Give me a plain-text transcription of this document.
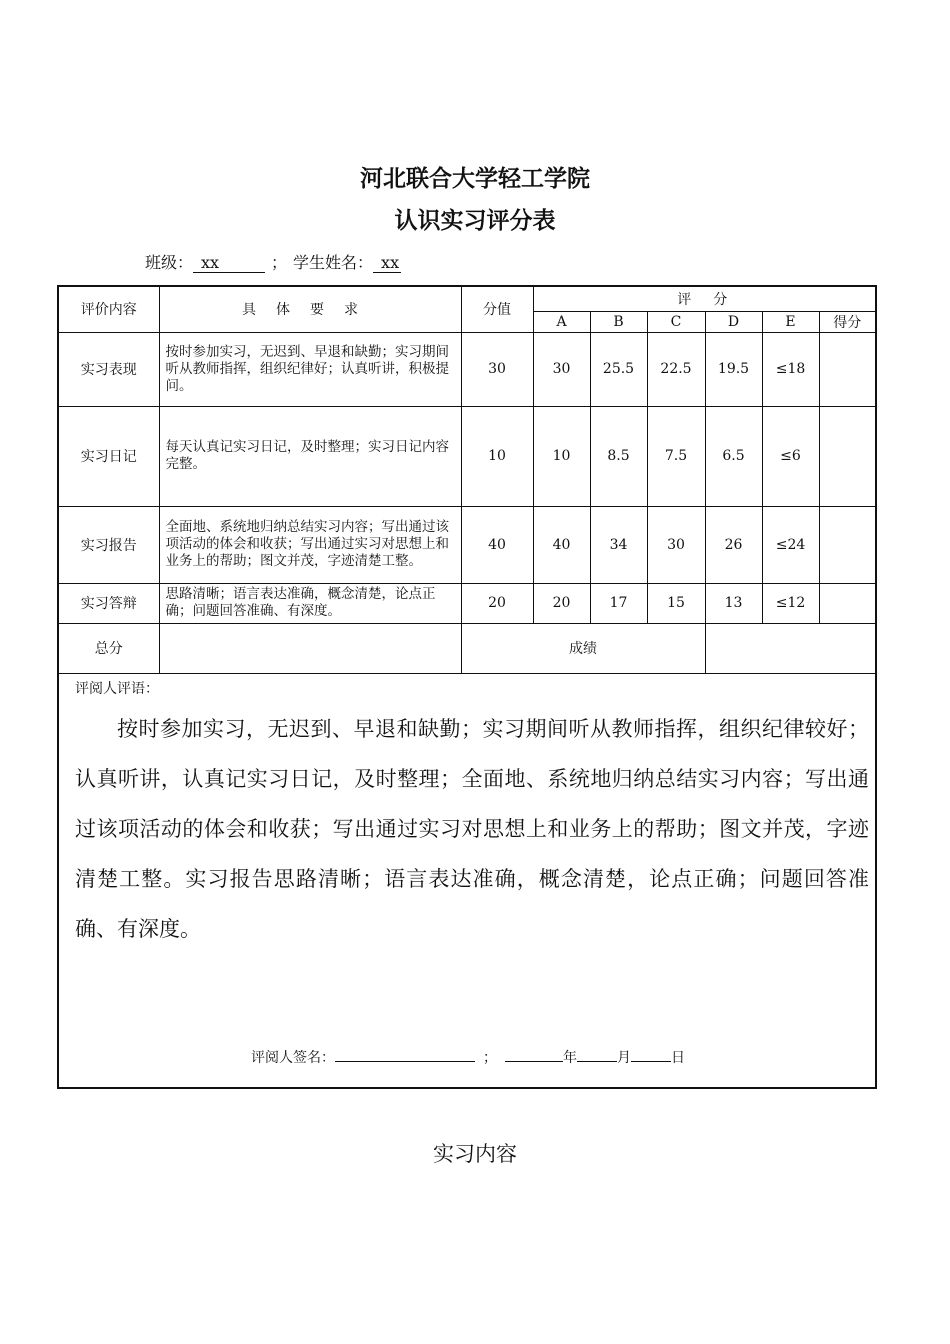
河北联合大学轻工学院
认识实习评分表
班级： xx	； 学生姓名： xx
评价内容	具体要求	分值	评　分					
			A	B	C	D	E	得分
实习表现	按时参加实习，无迟到、早退和缺勤；实习期间听从教师指挥，组织纪律好；认真听讲，积极提问。	30	30	25.5	22.5	19.5	≤18	
实习日记	每天认真记实习日记，及时整理；实习日记内容完整。	10	10	8.5	7.5	6.5	≤6	
实习报告	全面地、系统地归纳总结实习内容；写出通过该项活动的体会和收获；写出通过实习对思想上和业务上的帮助；图文并茂，字迹清楚工整。	40	40	34	30	26	≤24	
实习答辩	思路清晰；语言表达准确，概念清楚，论点正确；问题回答准确、有深度。	20	20	17	15	13	≤12	
总分		成绩						

评阅人评语：
按时参加实习，无迟到、早退和缺勤；实习期间听从教师指挥，组织纪律较好；认真听讲，认真记实习日记，及时整理；全面地、系统地归纳总结实习内容；写出通过该项活动的体会和收获；写出通过实习对思想上和业务上的帮助；图文并茂，字迹清楚工整。实习报告思路清晰；语言表达准确，概念清楚，论点正确；问题回答准确、有深度。
评阅人签名： ； 年 月 日								
实习内容
